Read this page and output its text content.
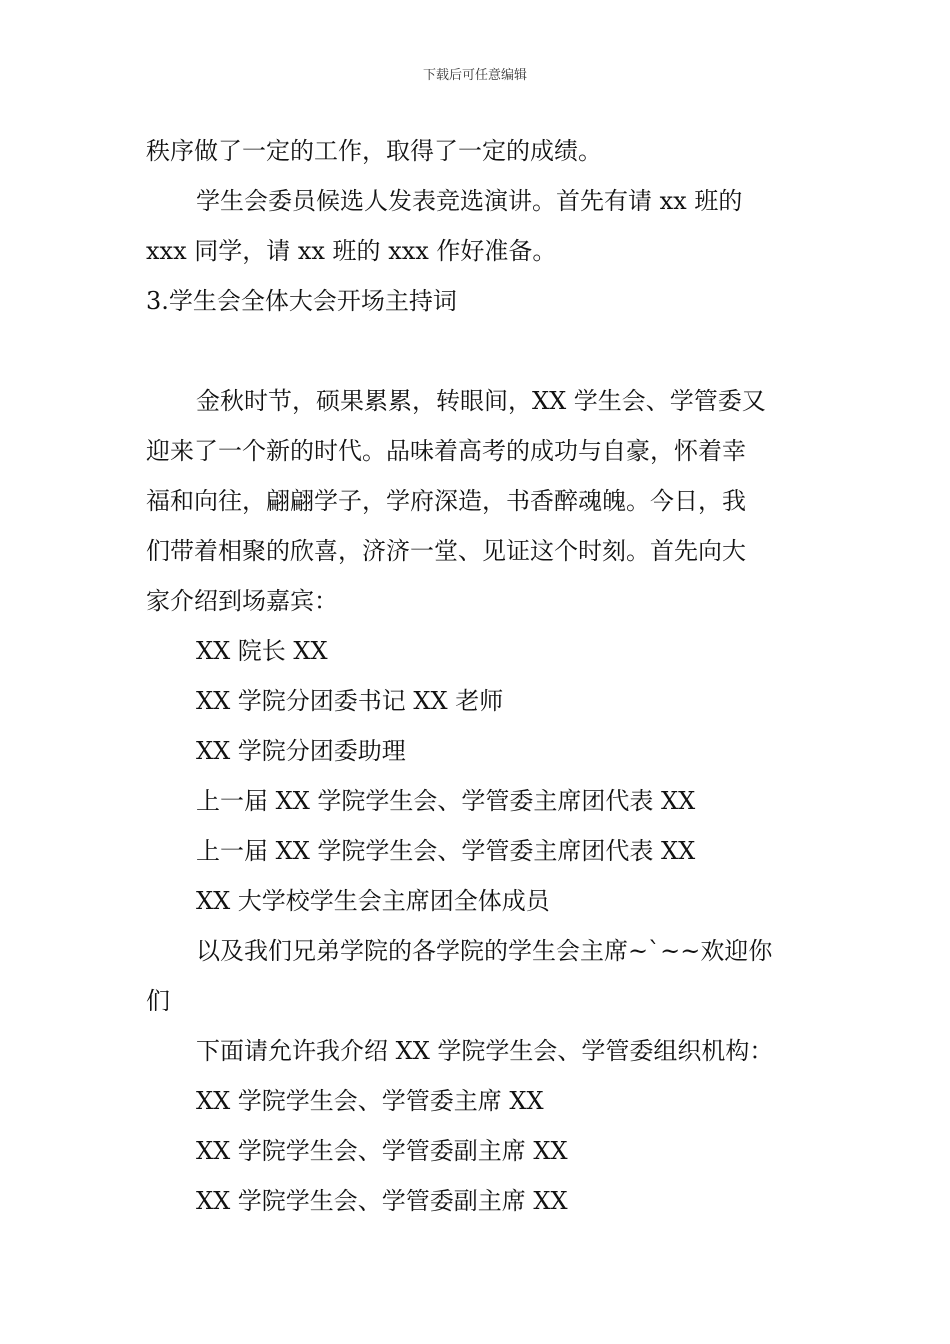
下载后可任意编辑
秩序做了一定的工作，取得了一定的成绩。
学生会委员候选人发表竞选演讲。首先有请 xx 班的
xxx 同学，请 xx 班的 xxx 作好准备。
3.学生会全体大会开场主持词
金秋时节，硕果累累，转眼间，XX 学生会、学管委又
迎来了一个新的时代。品味着高考的成功与自豪，怀着幸
福和向往，翩翩学子，学府深造，书香醉魂魄。今日，我
们带着相聚的欣喜，济济一堂、见证这个时刻。首先向大
家介绍到场嘉宾：
XX 院长 XX
XX 学院分团委书记 XX 老师
XX 学院分团委助理
上一届 XX 学院学生会、学管委主席团代表 XX
上一届 XX 学院学生会、学管委主席团代表 XX
XX 大学校学生会主席团全体成员
以及我们兄弟学院的各学院的学生会主席~`~~欢迎你
们
下面请允许我介绍 XX 学院学生会、学管委组织机构：
XX 学院学生会、学管委主席 XX
XX 学院学生会、学管委副主席 XX
XX 学院学生会、学管委副主席 XX
